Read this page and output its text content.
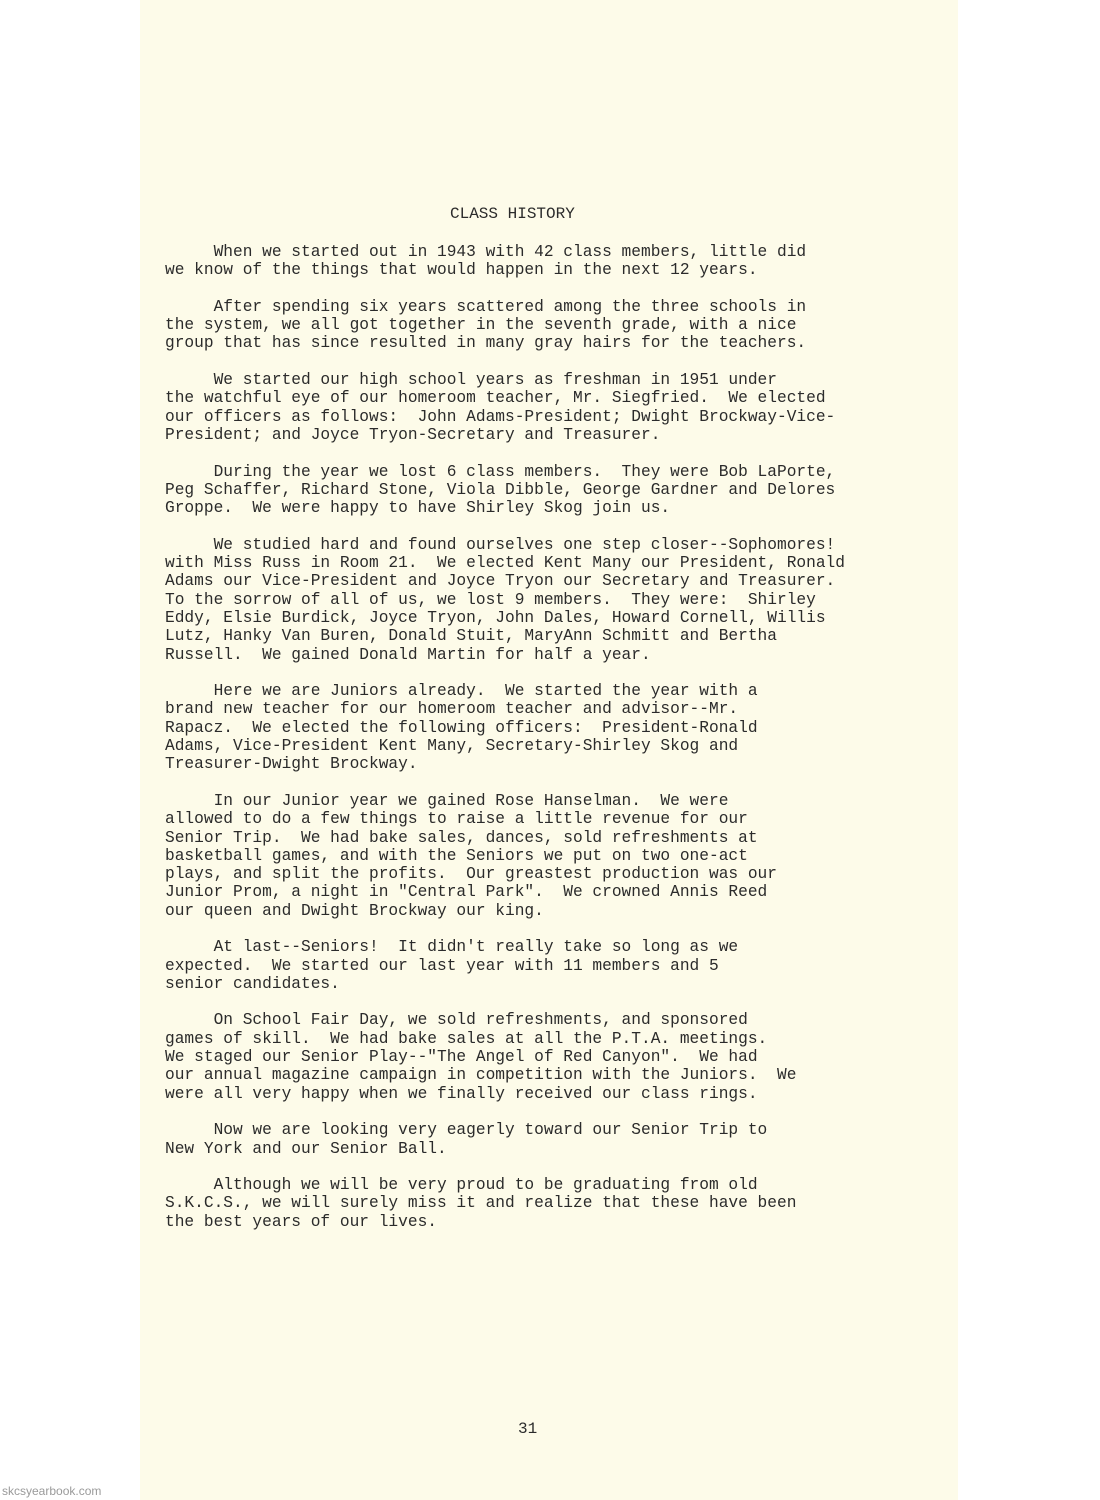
CLASS HISTORY

When we started out in 1943 with 42 class members, little did
we know of the things that would happen in the next 12 years.

After spending six years scattered among the three schools in
the system, we all got together in the seventh grade, with a nice
group that has since resulted in many gray hairs for the teachers.

We started our high school years as freshman in 1951 under
the watchful eye of our homeroom teacher, Mr. Siegfried.  We elected
our officers as follows:  John Adams-President; Dwight Brockway-Vice-
President; and Joyce Tryon-Secretary and Treasurer.

During the year we lost 6 class members.  They were Bob LaPorte,
Peg Schaffer, Richard Stone, Viola Dibble, George Gardner and Delores
Groppe.  We were happy to have Shirley Skog join us.

We studied hard and found ourselves one step closer--Sophomores!
with Miss Russ in Room 21.  We elected Kent Many our President, Ronald
Adams our Vice-President and Joyce Tryon our Secretary and Treasurer.
To the sorrow of all of us, we lost 9 members.  They were:  Shirley
Eddy, Elsie Burdick, Joyce Tryon, John Dales, Howard Cornell, Willis
Lutz, Hanky Van Buren, Donald Stuit, MaryAnn Schmitt and Bertha
Russell.  We gained Donald Martin for half a year.

Here we are Juniors already.  We started the year with a
brand new teacher for our homeroom teacher and advisor--Mr.
Rapacz.  We elected the following officers:  President-Ronald
Adams, Vice-President Kent Many, Secretary-Shirley Skog and
Treasurer-Dwight Brockway.

In our Junior year we gained Rose Hanselman.  We were
allowed to do a few things to raise a little revenue for our
Senior Trip.  We had bake sales, dances, sold refreshments at
basketball games, and with the Seniors we put on two one-act
plays, and split the profits.  Our greastest production was our
Junior Prom, a night in "Central Park".  We crowned Annis Reed
our queen and Dwight Brockway our king.

At last--Seniors!  It didn't really take so long as we
expected.  We started our last year with 11 members and 5
senior candidates.

On School Fair Day, we sold refreshments, and sponsored
games of skill.  We had bake sales at all the P.T.A. meetings.
We staged our Senior Play--"The Angel of Red Canyon".  We had
our annual magazine campaign in competition with the Juniors.  We
were all very happy when we finally received our class rings.

Now we are looking very eagerly toward our Senior Trip to
New York and our Senior Ball.

Although we will be very proud to be graduating from old
S.K.C.S., we will surely miss it and realize that these have been
the best years of our lives.

31

skcsyearbook.com
